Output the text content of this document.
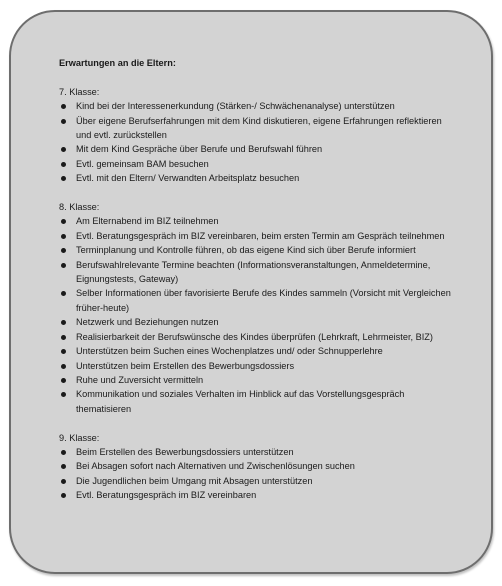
Erwartungen an die Eltern:

7. Klasse:

Kind bei der Interessenerkundung (Stärken-/ Schwächenanalyse) unterstützen
Über eigene Berufserfahrungen mit dem Kind diskutieren, eigene Erfahrungen reflektieren und evtl. zurückstellen
Mit dem Kind Gespräche über Berufe und Berufswahl führen
Evtl. gemeinsam BAM besuchen
Evtl. mit den Eltern/ Verwandten Arbeitsplatz besuchen

8. Klasse:

Am Elternabend im BIZ teilnehmen
Evtl. Beratungsgespräch im BIZ vereinbaren, beim ersten Termin am Gespräch teilnehmen
Terminplanung und Kontrolle führen, ob das eigene Kind sich über Berufe informiert
Berufswahlrelevante Termine beachten (Informationsveranstaltungen, Anmeldetermine, Eignungstests, Gateway)
Selber Informationen über favorisierte Berufe des Kindes sammeln (Vorsicht mit Vergleichen früher-heute)
Netzwerk und Beziehungen nutzen
Realisierbarkeit der Berufswünsche des Kindes überprüfen (Lehrkraft, Lehrmeister, BIZ)
Unterstützen beim Suchen eines Wochenplatzes und/ oder Schnupperlehre
Unterstützen beim Erstellen des Bewerbungsdossiers
Ruhe und Zuversicht vermitteln
Kommunikation und soziales Verhalten im Hinblick auf das Vorstellungsgespräch thematisieren

9. Klasse:

Beim Erstellen des Bewerbungsdossiers unterstützen
Bei Absagen sofort nach Alternativen und Zwischenlösungen suchen
Die Jugendlichen beim Umgang mit Absagen unterstützen
Evtl. Beratungsgespräch im BIZ vereinbaren
